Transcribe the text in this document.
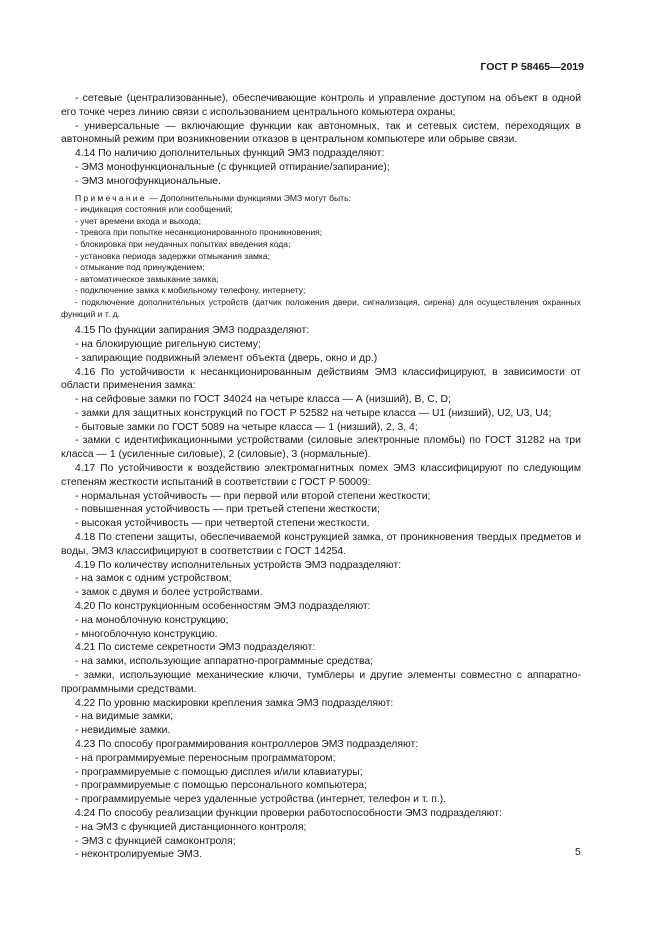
ГОСТ Р 58465—2019

- сетевые (централизованные), обеспечивающие контроль и управление доступом на объект в одной его точке через линию связи с использованием центрального комьютера охраны;

- универсальные — включающие функции как автономных, так и сетевых систем, переходящих в автономный режим при возникновении отказов в центральном компьютере или обрыве связи.

4.14 По наличию дополнительных функций ЭМЗ подразделяют:

- ЭМЗ монофункциональные (с функцией отпирание/запирание);

- ЭМЗ многофункциональные.

Примечание — Дополнительными функциями ЭМЗ могут быть:

- индикация состояния или сообщений;

- учет времени входа и выхода;

- тревога при попытке несанкционированного проникновения;

- блокировка при неудачных попытках введения кода;

- установка периода задержки отмыкания замка;

- отмыкание под принуждением;

- автоматическое замыкание замка;

- подключение замка к мобильному телефону, интернету;

- подключение дополнительных устройств (датчик положения двери, сигнализация, сирена) для осуществления охранных функций и т. д.

4.15 По функции запирания ЭМЗ подразделяют:

- на блокирующие ригельную систему;

- запирающие подвижный элемент объекта (дверь, окно и др.)

4.16 По устойчивости к несанкционированным действиям ЭМЗ классифицируют, в зависимости от области применения замка:

- на сейфовые замки по ГОСТ 34024 на четыре класса — А (низший), В, С, D;

- замки для защитных конструкций по ГОСТ Р 52582 на четыре класса — U1 (низший), U2, U3, U4;

- бытовые замки по ГОСТ 5089 на четыре класса — 1 (низший), 2, 3, 4;

- замки с идентификационными устройствами (силовые электронные пломбы) по ГОСТ 31282 на три класса — 1 (усиленные силовые), 2 (силовые), 3 (нормальные).

4.17 По устойчивости к воздействию электромагнитных помех ЭМЗ классифицируют по следующим степеням жесткости испытаний в соответствии с ГОСТ Р 50009:

- нормальная устойчивость — при первой или второй степени жесткости;

- повышенная устойчивость — при третьей степени жесткости;

- высокая устойчивость — при четвертой степени жесткости.

4.18 По степени защиты, обеспечиваемой конструкцией замка, от проникновения твердых предметов и воды, ЭМЗ классифицируют в соответствии с ГОСТ 14254.

4.19 По количеству исполнительных устройств ЭМЗ подразделяют:

- на замок с одним устройством;

- замок с двумя и более устройствами.

4.20 По конструкционным особенностям ЭМЗ подразделяют:

- на моноблочную конструкцию;

- многоблочную конструкцию.

4.21 По системе секретности ЭМЗ подразделяют:

- на замки, использующие аппаратно-программные средства;

- замки, использующие механические ключи, тумблеры и другие элементы совместно с аппаратно-программными средствами.

4.22 По уровню маскировки крепления замка ЭМЗ подразделяют:

- на видимые замки;

- невидимые замки.

4.23 По способу программирования контроллеров ЭМЗ подразделяют:

- на программируемые переносным программатором;

- программируемые с помощью дисплея и/или клавиатуры;

- программируемые с помощью персонального компьютера;

- программируемые через удаленные устройства (интернет, телефон и т. п.).

4.24 По способу реализации функции проверки работоспособности ЭМЗ подразделяют:

- на ЭМЗ с функцией дистанционного контроля;

- ЭМЗ с функцией самоконтроля;

- неконтролируемые ЭМЗ.	5
